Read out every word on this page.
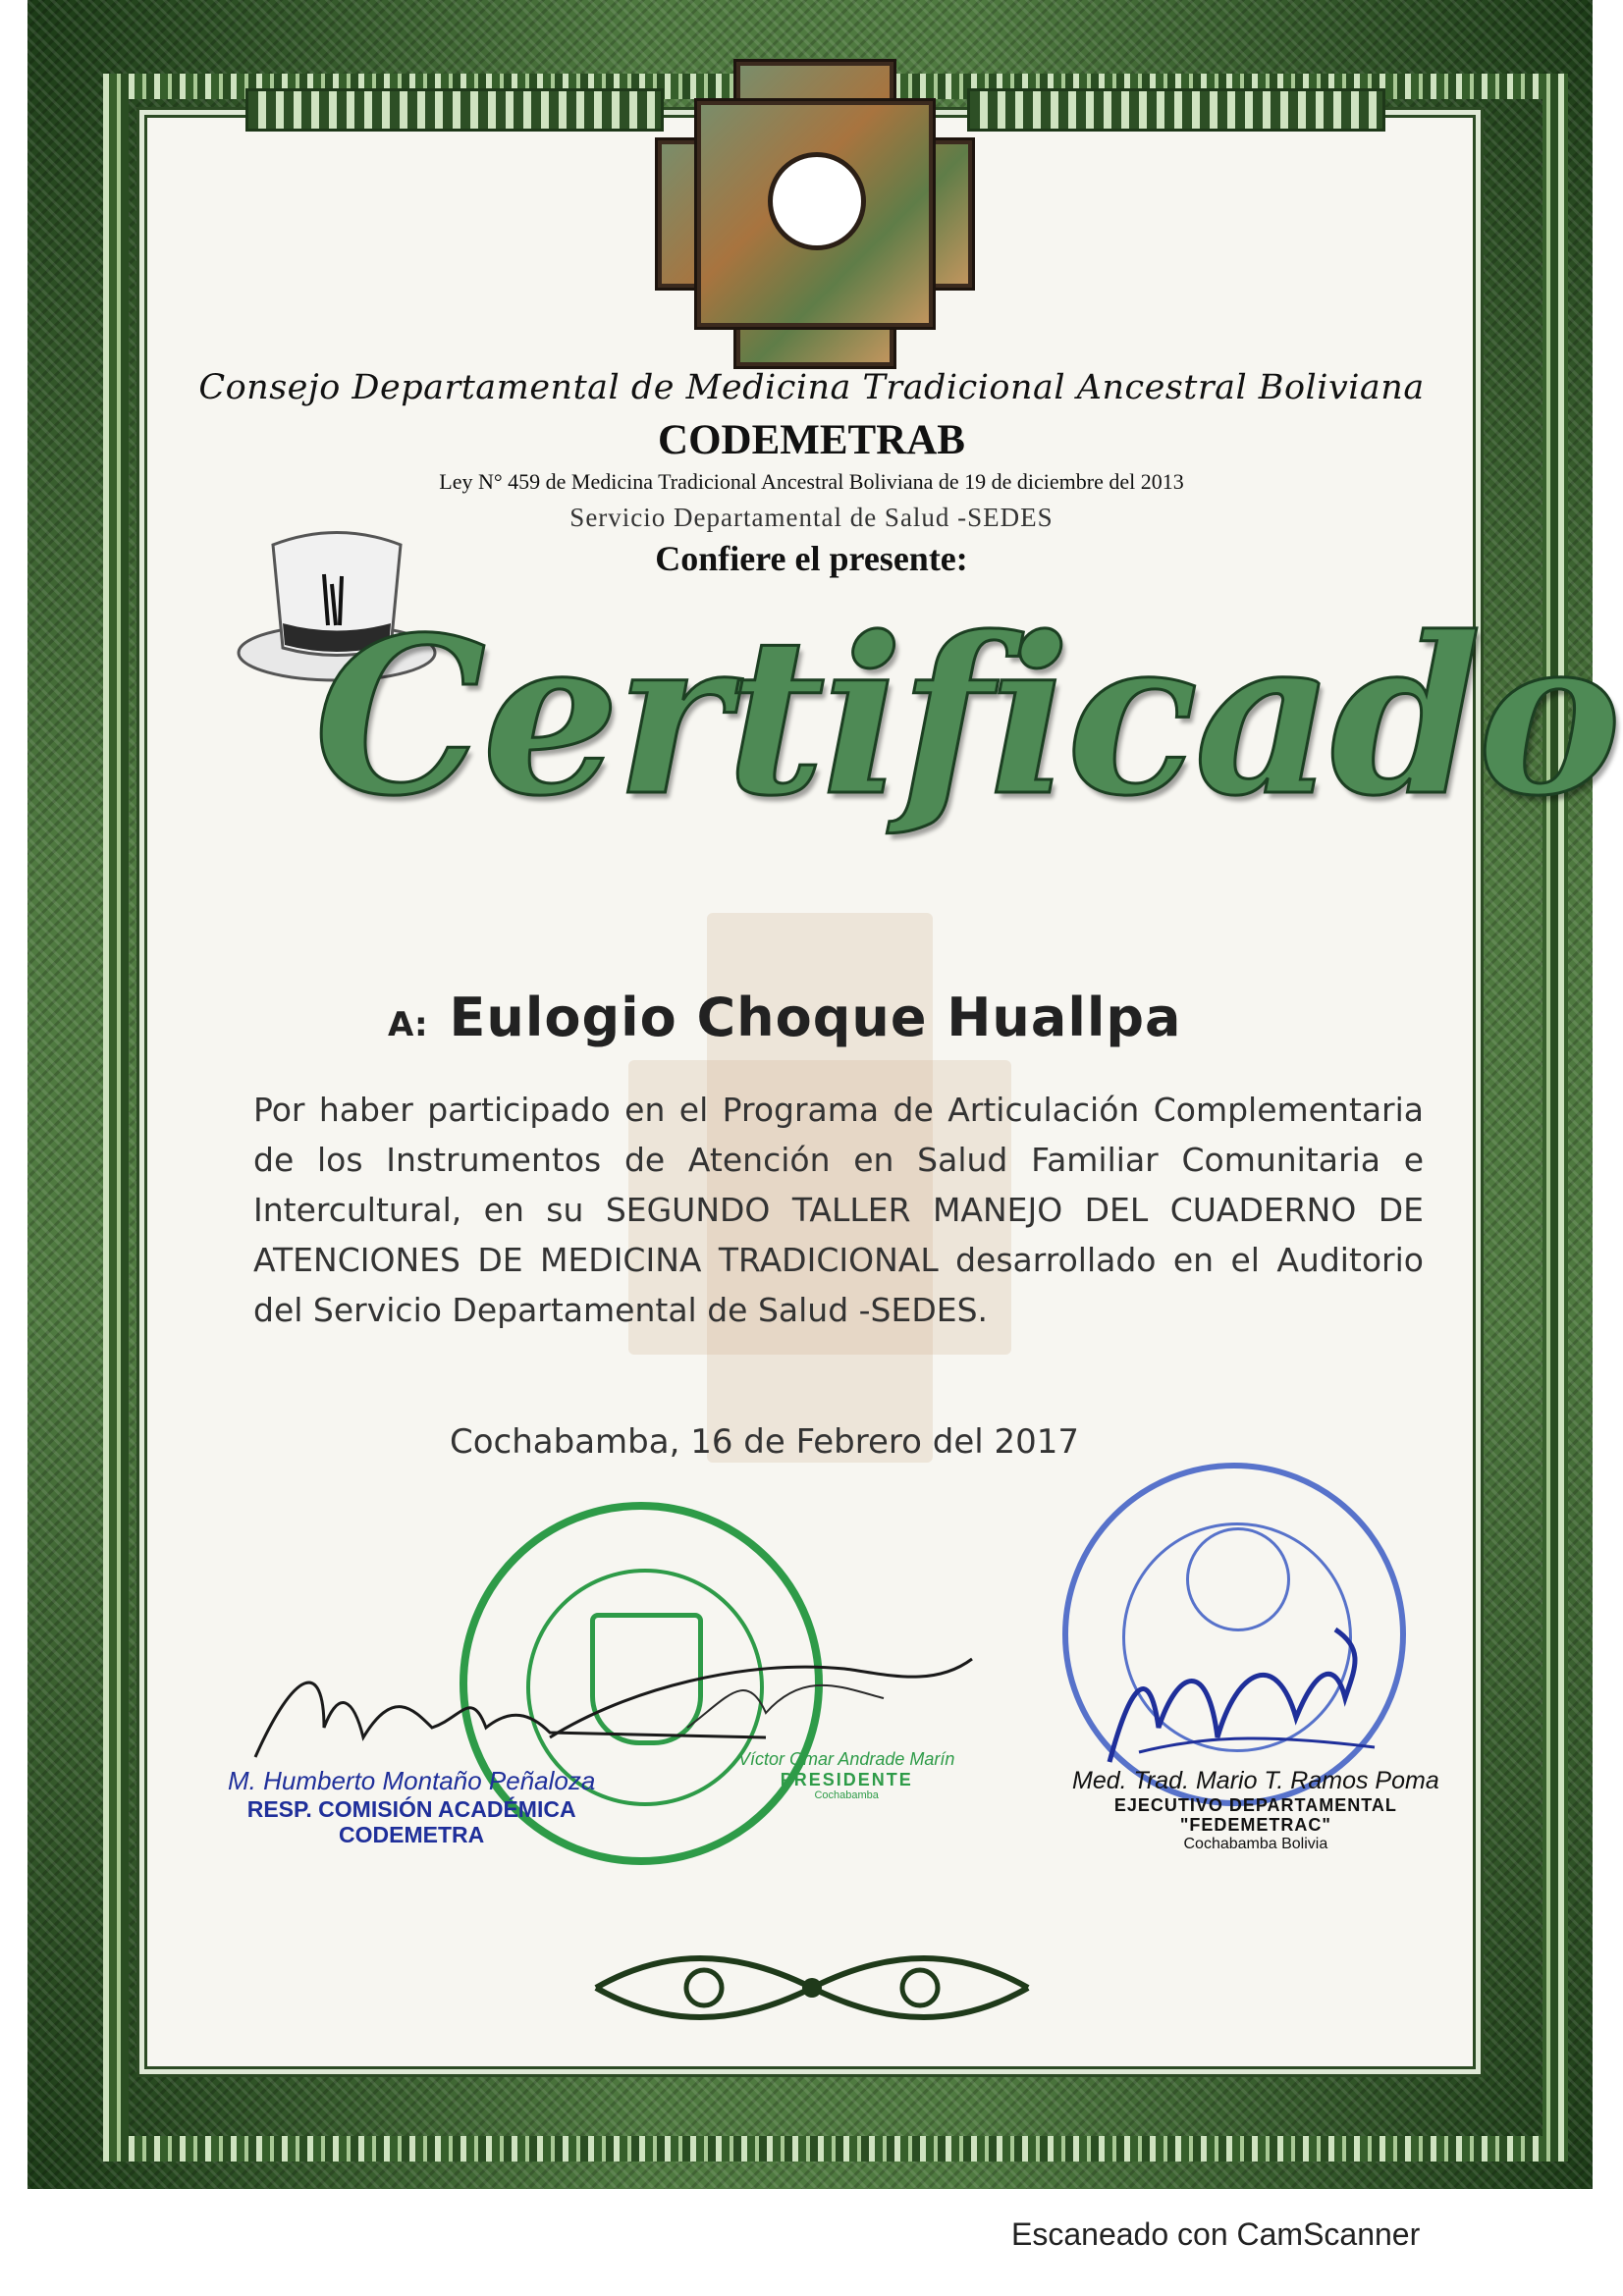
Consejo Departamental de Medicina Tradicional Ancestral Boliviana
CODEMETRAB
Ley N° 459 de Medicina Tradicional Ancestral Boliviana de 19 de diciembre del 2013
Servicio Departamental de Salud -SEDES
Confiere el presente:
Certificado
A: Eulogio Choque Huallpa
Por haber participado en el Programa de Articulación Complementaria de los Instrumentos de Atención en Salud Familiar Comunitaria e Intercultural, en su SEGUNDO TALLER MANEJO DEL CUADERNO DE ATENCIONES DE MEDICINA TRADICIONAL desarrollado en el Auditorio del Servicio Departamental de Salud -SEDES.
Cochabamba, 16 de Febrero del 2017
M. Humberto Montaño Peñaloza
RESP. COMISIÓN ACADÉMICA
CODEMETRA
Víctor Omar Andrade Marín
PRESIDENTE
Cochabamba
Med. Trad. Mario T. Ramos Poma
EJECUTIVO DEPARTAMENTAL
"FEDEMETRAC"
Cochabamba Bolivia
Escaneado con CamScanner
